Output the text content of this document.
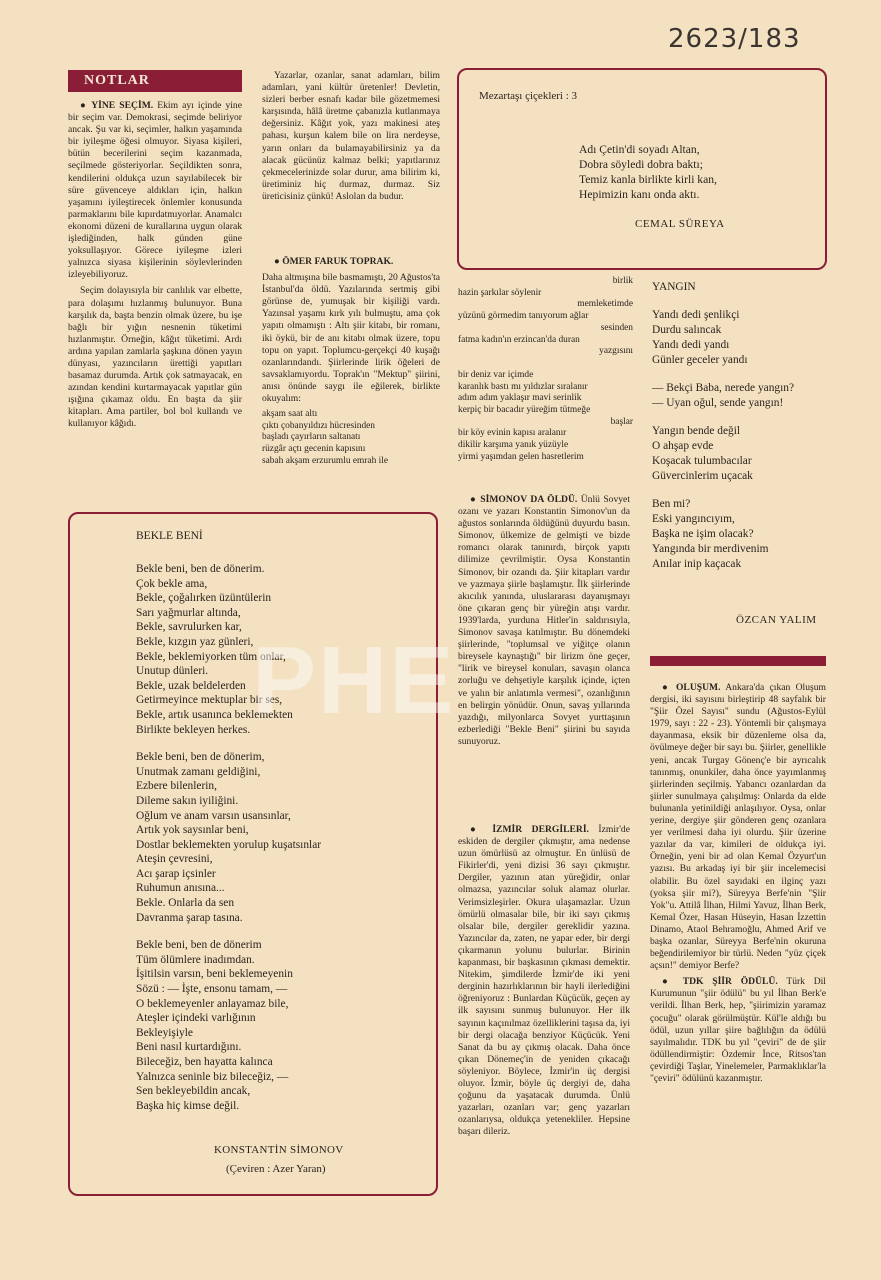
2623/183
NOTLAR

● YİNE SEÇİM. Ekim ayı içinde yine bir seçim var. Demokrasi, seçimde beliriyor ancak. Şu var ki, seçimler, halkın yaşamında bir iyileşme öğesi olmuyor. Siyasa kişileri, bütün becerilerini seçim kazanmada, seçilmede gösteriyorlar. Seçildikten sonra, kendilerini oldukça uzun sayılabilecek bir süre güvenceye aldıkları için, halkın yaşamını iyileştirecek önlemler konusunda parmaklarını bile kıpırdatmıyorlar. Anamalcı ekonomi düzeni de kurallarına uygun olarak işlediğinden, halk günden güne yoksullaşıyor. Görece iyileşme izleri yalnızca siyasa kişilerinin söylevlerinden izleyebiliyoruz.

Seçim dolayısıyla bir canlılık var elbette, para dolaşımı hızlanmış bulunuyor. Buna karşılık da, başta benzin olmak üzere, bu işe bağlı bir yığın nesnenin tüketimi hızlanmıştır. Örneğin, kâğıt tüketimi. Ardı ardına yapılan zamlarla şaşkına dönen yayın dünyası, yazıncıların ürettiği yapıtları basamaz durumda. Artık çok satmayacak, en azından kendini kurtarmayacak yapıtlar gün ışığına çıkamaz oldu. En başta da şiir kitapları. Ama partiler, bol bol kullandı ve kullanıyor kâğıdı.

Yazarlar, ozanlar, sanat adamları, bilim adamları, yani kültür üretenler! Devletin, sizleri berber esnafı kadar bile gözetmemesi karşısında, hâlâ üretme çabanızla kutlanmaya değersiniz. Kâğıt yok, yazı makinesi ateş pahası, kurşun kalem bile on lira nerdeyse, yarın onları da bulamayabilirsiniz ya da alacak gücünüz kalmaz belki; yapıtlarınız çekmecelerinizde solar durur, ama bilirim ki, üretiminiz hiç durmaz, durmaz. Siz üreticisiniz çünkü! Aslolan da budur.

● ÖMER FARUK TOPRAK.

Daha altmışına bile basmamıştı, 20 Ağustos'ta İstanbul'da öldü. Yazılarında sertmiş gibi görünse de, yumuşak bir kişiliği vardı. Yazınsal yaşamı kırk yılı bulmuştu, ama çok yapıtı olmamıştı : Altı şiir kitabı, bir romanı, iki öykü, bir de anı kitabı olmak üzere, topu topu on yapıt. Toplumcu-gerçekçi 40 kuşağı ozanlarındandı. Şiirlerinde lirik öğeleri de savsaklamıyordu. Toprak'ın "Mektup" şiirini, anısı önünde saygı ile eğilerek, birlikte okuyalım:

akşam saat altı
çıktı çobanyıldızı hücresinden
başladı çayırların saltanatı
rüzgâr açtı gecenin kapısını
sabah akşam erzurumlu emrah ile
Mezartaşı çiçekleri : 3
Adı Çetin'di soyadı Altan,
Dobra söyledi dobra baktı;
Temiz kanla birlikte kirli kan,
Hepimizin kanı onda aktı.
CEMAL SÜREYA
birlik
hazin şarkılar söylenir
memleketimde
yüzünü görmedim tanıyorum ağlar
sesinden
fatma kadın'ın erzincan'da duran
yazgısını
bir deniz var içimde
karanlık bastı mı yıldızlar sıralanır
adım adım yaklaşır mavi serinlik
kerpiç bir bacadır yüreğim tütmeğe
başlar
bir köy evinin kapısı aralanır
dikilir karşıma yanık yüzüyle
yirmi yaşımdan gelen hasretlerim
YANGIN
Yandı dedi şenlikçi
Durdu salıncak
Yandı dedi yandı
Günler geceler yandı
— Bekçi Baba, nerede yangın?
— Uyan oğul, sende yangın!
Yangın bende değil
O ahşap evde
Koşacak tulumbacılar
Güvercinlerim uçacak
Ben mi?
Eski yangıncıyım,
Başka ne işim olacak?
Yangında bir merdivenim
Anılar inip kaçacak
ÖZCAN YALIM
BEKLE BENİ
Bekle beni, ben de dönerim.
Çok bekle ama,
Bekle, çoğalırken üzüntülerin
Sarı yağmurlar altında,
Bekle, savrulurken kar,
Bekle, kızgın yaz günleri,
Bekle, beklemiyorken tüm onlar,
Unutup dünleri.
Bekle, uzak beldelerden
Getirmeyince mektuplar bir ses,
Bekle, artık usanınca beklemekten
Birlikte bekleyen herkes.
Bekle beni, ben de dönerim,
Unutmak zamanı geldiğini,
Ezbere bilenlerin,
Dileme sakın iyiliğini.
Oğlum ve anam varsın usansınlar,
Artık yok saysınlar beni,
Dostlar beklemekten yorulup kuşatsınlar
Ateşin çevresini,
Acı şarap içsinler
Ruhumun anısına...
Bekle. Onlarla da sen
Davranma şarap tasına.
Bekle beni, ben de dönerim
Tüm ölümlere inadımdan.
İşitilsin varsın, beni beklemeyenin
Sözü : — İşte, ensonu tamam, —
O beklemeyenler anlayamaz bile,
Ateşler içindeki varlığının
Bekleyişiyle
Beni nasıl kurtardığını.
Bileceğiz, ben hayatta kalınca
Yalnızca seninle biz bileceğiz, —
Sen bekleyebildin ancak,
Başka hiç kimse değil.
KONSTANTİN SİMONOV
(Çeviren : Azer Yaran)

● SİMONOV DA ÖLDÜ. Ünlü Sovyet ozanı ve yazarı Konstantin Simonov'un da ağustos sonlarında öldüğünü duyurdu basın. Simonov, ülkemize de gelmişti ve bizde romancı olarak tanınırdı, birçok yapıtı dilimize çevrilmiştir. Oysa Konstantin Simonov, bir ozandı da. Şiir kitapları vardır ve yazmaya şiirle başlamıştır. İlk şiirlerinde akıcılık yanında, uluslararası dayanışmayı öne çıkaran genç bir yüreğin atışı vardır. 1939'larda, yurduna Hitler'in saldırısıyla, Simonov savaşa katılmıştır. Bu dönemdeki şiirlerinde, "toplumsal ve yiğitçe olanın bireysele kaynaştığı" bir lirizm öne geçer, "lirik ve bireysel konuları, savaşın olanca zorluğu ve dehşetiyle karşılık içinde, içten ve yalın bir anlatımla vermesi", ozanlığının en belirgin yönüdür. Onun, savaş yıllarında yazdığı, milyonlarca Sovyet yurttaşının ezberlediği "Bekle Beni" şiirini bu sayıda sunuyoruz.

● İZMİR DERGİLERİ. İzmir'de eskiden de dergiler çıkmıştır, ama nedense uzun ömürlüsü az olmuştur. En ünlüsü de Fikirler'di, yeni dizisi 36 sayı çıkmıştır. Dergiler, yazının atan yüreğidir, onlar olmazsa, yazıncılar soluk alamaz olurlar. Verimsizleşirler. Okura ulaşamazlar. Uzun ömürlü olmasalar bile, bir iki sayı çıkmış olsalar bile, dergiler gereklidir yazına. Yazıncılar da, zaten, ne yapar eder, bir dergi çıkarmanın yolunu bulurlar. Birinin kapanması, bir başkasının çıkması demektir. Nitekim, şimdilerde İzmir'de iki yeni derginin hazırlıklarının bir hayli ilerlediğini öğreniyoruz : Bunlardan Küçücük, geçen ay ilk sayısını sunmuş bulunuyor. Her ilk sayının kaçınılmaz özelliklerini taşısa da, iyi bir dergi olacağa benziyor Küçücük. Yeni Sanat da bu ay çıkmış olacak. Daha önce çıkan Dönemeç'in de yeniden çıkacağı söyleniyor. Böylece, İzmir'in üç dergisi oluyor. İzmir, böyle üç dergiyi de, daha çoğunu da yaşatacak durumda. Ünlü yazarları, ozanları var; genç yazarları ozanlarıysa, oldukça yetenekliler. Hepsine başarı dileriz.

● OLUŞUM. Ankara'da çıkan Oluşum dergisi, iki sayısını birleştirip 48 sayfalık bir "Şiir Özel Sayısı" sundu (Ağustos-Eylül 1979, sayı : 22 - 23). Yöntemli bir çalışmaya dayanmasa, eksik bir düzenleme olsa da, övülmeye değer bir sayı bu. Şiirler, genellikle yeni, ancak Turgay Gönenç'e bir ayrıcalık tanınmış, onunkiler, daha önce yayımlanmış şiirlerinden seçilmiş. Yabancı ozanlardan da şiirler sunulmaya çalışılmış: Onlarda da elde bulunanla yetinildiği anlaşılıyor. Oysa, onlar yerine, dergiye şiir gönderen genç ozanlara yer verilmesi daha iyi olurdu. Şiir üzerine yazılar da var, kimileri de oldukça iyi. Örneğin, yeni bir ad olan Kemal Özyurt'un yazısı. Bu arkadaş iyi bir şiir incelemecisi olabilir. Bu özel sayıdaki en ilginç yazı (yoksa şiir mi?), Süreyya Berfe'nin "Şiir Yok"u. Attilâ İlhan, Hilmi Yavuz, İlhan Berk, Kemal Özer, Hasan Hüseyin, Hasan İzzettin Dinamo, Ataol Behramoğlu, Ahmed Arif ve başka ozanlar, Süreyya Berfe'nin okuruna beğendirilemiyor bir türlü. Neden "yüz çiçek açsın!" demiyor Berfe?

● TDK ŞİİR ÖDÜLÜ. Türk Dil Kurumunun "şiir ödülü" bu yıl İlhan Berk'e verildi. İlhan Berk, hep, "şiirimizin yaramaz çocuğu" olarak görülmüştür. Kül'le aldığı bu ödül, uzun yıllar şiire bağlılığın da ödülü sayılmalıdır. TDK bu yıl "çeviri" de de şiir ödüllendirmiştir: Özdemir İnce, Ritsos'tan çevirdiği Taşlar, Yinelemeler, Parmaklıklar'la "çeviri" ödülünü kazanmıştır.

PHE
